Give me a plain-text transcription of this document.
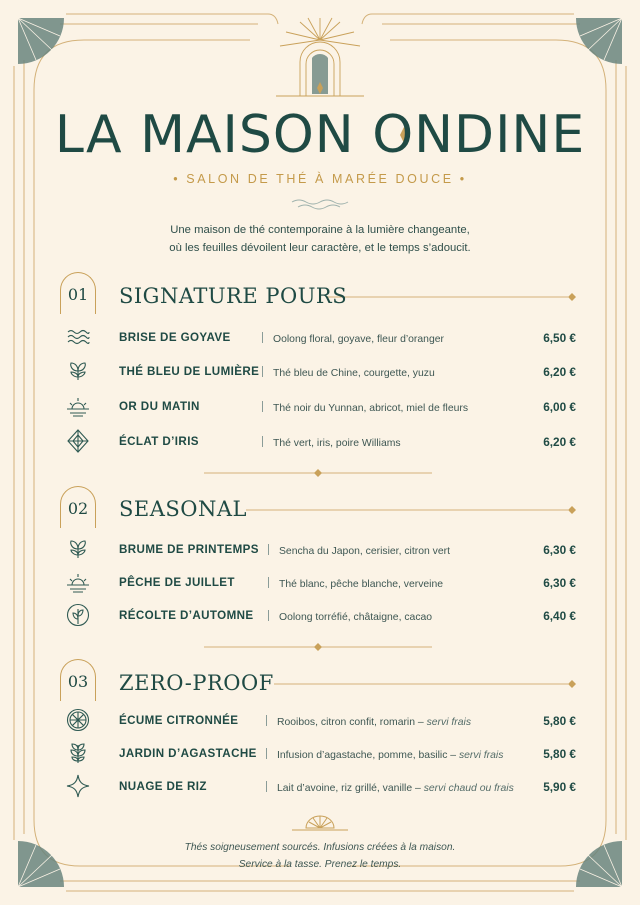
LA MAISON ONDINE
• SALON DE THÉ À MARÉE DOUCE •
Une maison de thé contemporaine à la lumière changeante,
où les feuilles dévoilent leur caractère, et le temps s’adoucit.
01	SIGNATURE POURS
BRISE DE GOYAVE	Oolong floral, goyave, fleur d’oranger	6,50 €
THÉ BLEU DE LUMIÈRE	Thé bleu de Chine, courgette, yuzu	6,20 €
OR DU MATIN	Thé noir du Yunnan, abricot, miel de fleurs	6,00 €
ÉCLAT D’IRIS	Thé vert, iris, poire Williams	6,20 €
02	SEASONAL
BRUME DE PRINTEMPS	Sencha du Japon, cerisier, citron vert	6,30 €
PÊCHE DE JUILLET	Thé blanc, pêche blanche, verveine	6,30 €
RÉCOLTE D’AUTOMNE	Oolong torréfié, châtaigne, cacao	6,40 €
03	ZERO-PROOF
ÉCUME CITRONNÉE	Rooibos, citron confit, romarin – servi frais	5,80 €
JARDIN D’AGASTACHE	Infusion d’agastache, pomme, basilic – servi frais	5,80 €
NUAGE DE RIZ	Lait d’avoine, riz grillé, vanille – servi chaud ou frais 5,90 €
Thés soigneusement sourcés. Infusions créées à la maison.
Service à la tasse. Prenez le temps.
